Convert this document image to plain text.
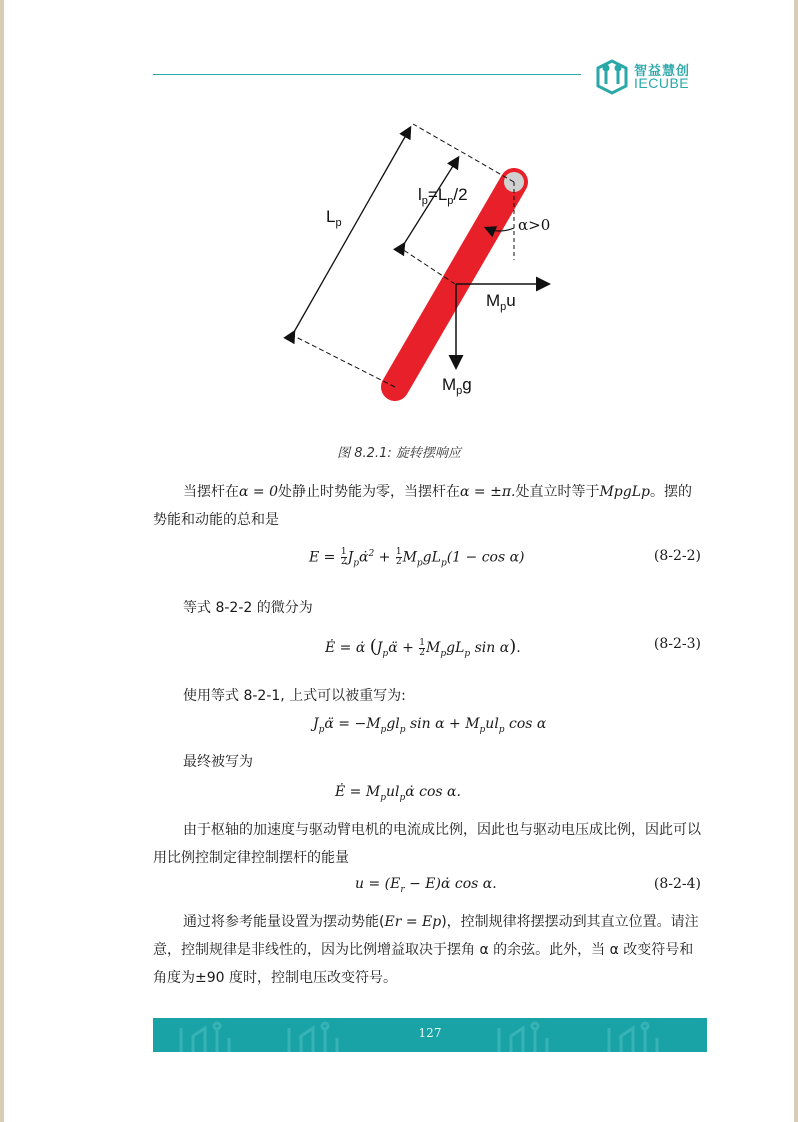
智益慧创
IECUBE
$L_p$
$l_p=L_p/2$
α>0
$M_pu$
$M_pg$
图 8.2.1: 旋转摆响应
当摆杆在α = 0处静止时势能为零，当摆杆在α = ±π.处直立时等于MpgLp。摆的势能和动能的总和是
$E = \frac{1}{2}$ $J_p\alphȧ^2 + \frac{1}{2} M_pgL_p(1 - \cos \alpha)$	(8-2-2)
等式 8-2-2 的微分为
Ė = α̇ ($J_p\alphä + \frac{1}{2} M_pgL_p$ sin α).	(8-2-3)
使用等式 8-2-1, 上式可以被重写为:
$J_p\alphä = -M_pgl_p$ $\sin \alpha + M_pul_p$ cos α
最终被写为
Ė = $M_pul_p\alphȧ$ cos α.
由于枢轴的加速度与驱动臂电机的电流成比例，因此也与驱动电压成比例，因此可以用比例控制定律控制摆杆的能量
$u = (E_r$ − E)α̇ cos α.	(8-2-4)
通过将参考能量设置为摆动势能(Er = Ep)，控制规律将摆摆动到其直立位置。请注意，控制规律是非线性的，因为比例增益取决于摆角 α 的余弦。此外，当 α 改变符号和角度为±90 度时，控制电压改变符号。
127
